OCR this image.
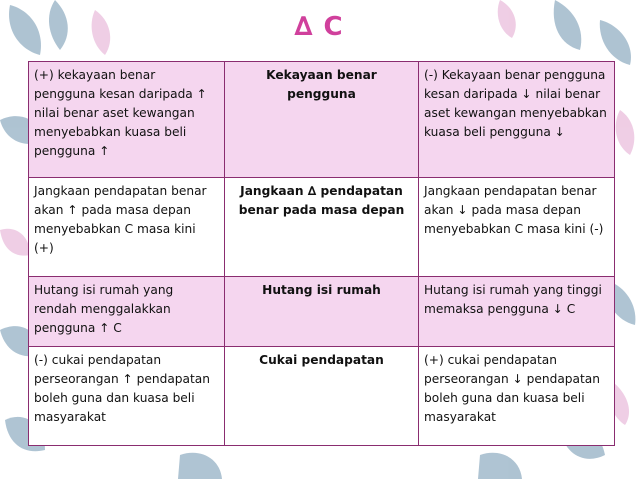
∆ C
(+) kekayaan benar pengguna kesan daripada ↑ nilai benar aset kewangan menyebabkan kuasa beli pengguna ↑	Kekayaan benar pengguna	(-) Kekayaan benar pengguna kesan daripada ↓ nilai benar aset kewangan menyebabkan kuasa beli pengguna ↓
Jangkaan pendapatan benar akan ↑ pada masa depan menyebabkan C masa kini (+)	Jangkaan ∆ pendapatan benar pada masa depan	Jangkaan pendapatan benar akan ↓ pada masa depan menyebabkan C masa kini (-)
Hutang isi rumah yang rendah menggalakkan pengguna ↑ C	Hutang isi rumah	Hutang isi rumah yang tinggi memaksa pengguna ↓ C
(-) cukai pendapatan perseorangan ↑ pendapatan boleh guna dan kuasa beli masyarakat	Cukai pendapatan	(+) cukai pendapatan perseorangan ↓ pendapatan boleh guna dan kuasa beli masyarakat
